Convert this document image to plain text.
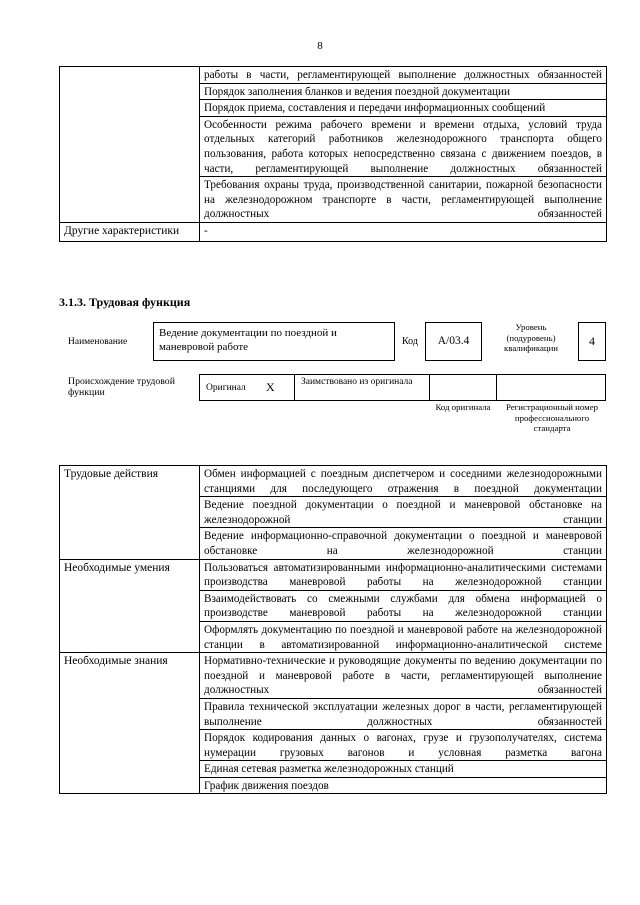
8
	работы в части, регламентирующей выполнение должностных обязанностей
	Порядок заполнения бланков и ведения поездной документации
	Порядок приема, составления и передачи информационных сообщений
	Особенности режима рабочего времени и времени отдыха, условий труда отдельных категорий работников железнодорожного транспорта общего пользования, работа которых непосредственно связана с движением поездов, в части, регламентирующей выполнение должностных обязанностей
	Требования охраны труда, производственной санитарии, пожарной безопасности на железнодорожном транспорте в части, регламентирующей выполнение должностных обязанностей
Другие характеристики	-
3.1.3. Трудовая функция
Наименование
Ведение документации по поездной и маневровой работе	Код	A/03.4
Уровень (подуровень) квалификации	4
Происхождение трудовой функции	Оригинал X	Заимствовано из оригинала
Код оригинала	Регистрационный номер профессионального стандарта
Трудовые действия	Обмен информацией с поездным диспетчером и соседними железнодорожными станциями для последующего отражения в поездной документации
	Ведение поездной документации о поездной и маневровой обстановке на железнодорожной станции
	Ведение информационно-справочной документации о поездной и маневровой обстановке на железнодорожной станции
Необходимые умения	Пользоваться автоматизированными информационно-аналитическими системами производства маневровой работы на железнодорожной станции
	Взаимодействовать со смежными службами для обмена информацией о производстве маневровой работы на железнодорожной станции
	Оформлять документацию по поездной и маневровой работе на железнодорожной станции в автоматизированной информационно-аналитической системе
Необходимые знания	Нормативно-технические и руководящие документы по ведению документации по поездной и маневровой работе в части, регламентирующей выполнение должностных обязанностей
	Правила технической эксплуатации железных дорог в части, регламентирующей выполнение должностных обязанностей
	Порядок кодирования данных о вагонах, грузе и грузополучателях, система нумерации грузовых вагонов и условная разметка вагона
	Единая сетевая разметка железнодорожных станций
	График движения поездов
